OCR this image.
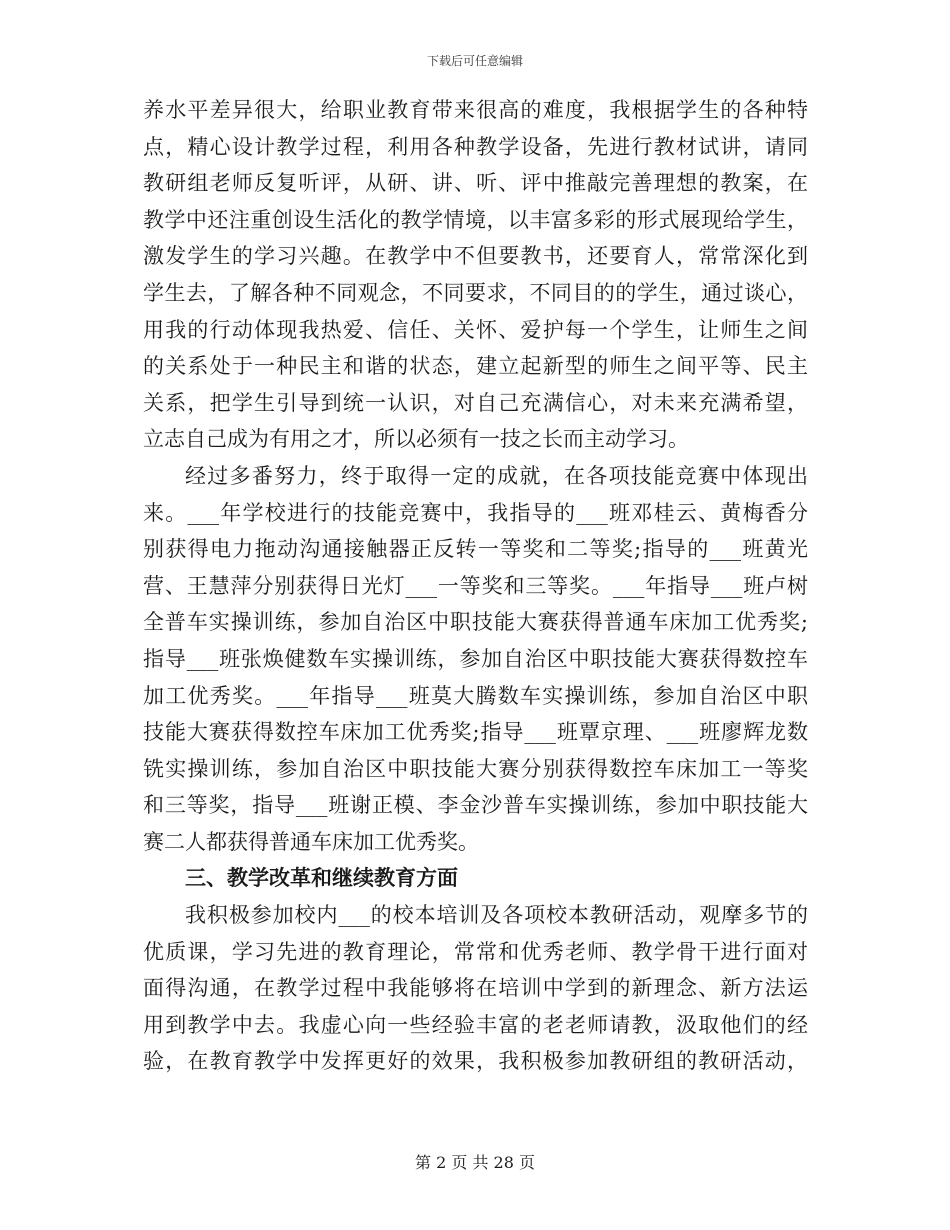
下载后可任意编辑
养水平差异很大，给职业教育带来很高的难度，我根据学生的各种特
点，精心设计教学过程，利用各种教学设备，先进行教材试讲，请同
教研组老师反复听评，从研、讲、听、评中推敲完善理想的教案，在
教学中还注重创设生活化的教学情境，以丰富多彩的形式展现给学生，
激发学生的学习兴趣。在教学中不但要教书，还要育人，常常深化到
学生去，了解各种不同观念，不同要求，不同目的的学生，通过谈心，
用我的行动体现我热爱、信任、关怀、爱护每一个学生，让师生之间
的关系处于一种民主和谐的状态，建立起新型的师生之间平等、民主
关系，把学生引导到统一认识，对自己充满信心，对未来充满希望，
立志自己成为有用之才，所以必须有一技之长而主动学习。
经过多番努力，终于取得一定的成就，在各项技能竞赛中体现出
来。___年学校进行的技能竞赛中，我指导的___班邓桂云、黄梅香分
别获得电力拖动沟通接触器正反转一等奖和二等奖;指导的___班黄光
营、王慧萍分别获得日光灯___一等奖和三等奖。___年指导___班卢树
全普车实操训练，参加自治区中职技能大赛获得普通车床加工优秀奖;
指导___班张焕健数车实操训练，参加自治区中职技能大赛获得数控车
加工优秀奖。___年指导___班莫大腾数车实操训练，参加自治区中职
技能大赛获得数控车床加工优秀奖;指导___班覃京理、___班廖辉龙数
铣实操训练，参加自治区中职技能大赛分别获得数控车床加工一等奖
和三等奖，指导___班谢正模、李金沙普车实操训练，参加中职技能大
赛二人都获得普通车床加工优秀奖。
三、教学改革和继续教育方面
我积极参加校内___的校本培训及各项校本教研活动，观摩多节的
优质课，学习先进的教育理论，常常和优秀老师、教学骨干进行面对
面得沟通，在教学过程中我能够将在培训中学到的新理念、新方法运
用到教学中去。我虚心向一些经验丰富的老老师请教，汲取他们的经
验，在教育教学中发挥更好的效果，我积极参加教研组的教研活动，
第 2 页 共 28 页
